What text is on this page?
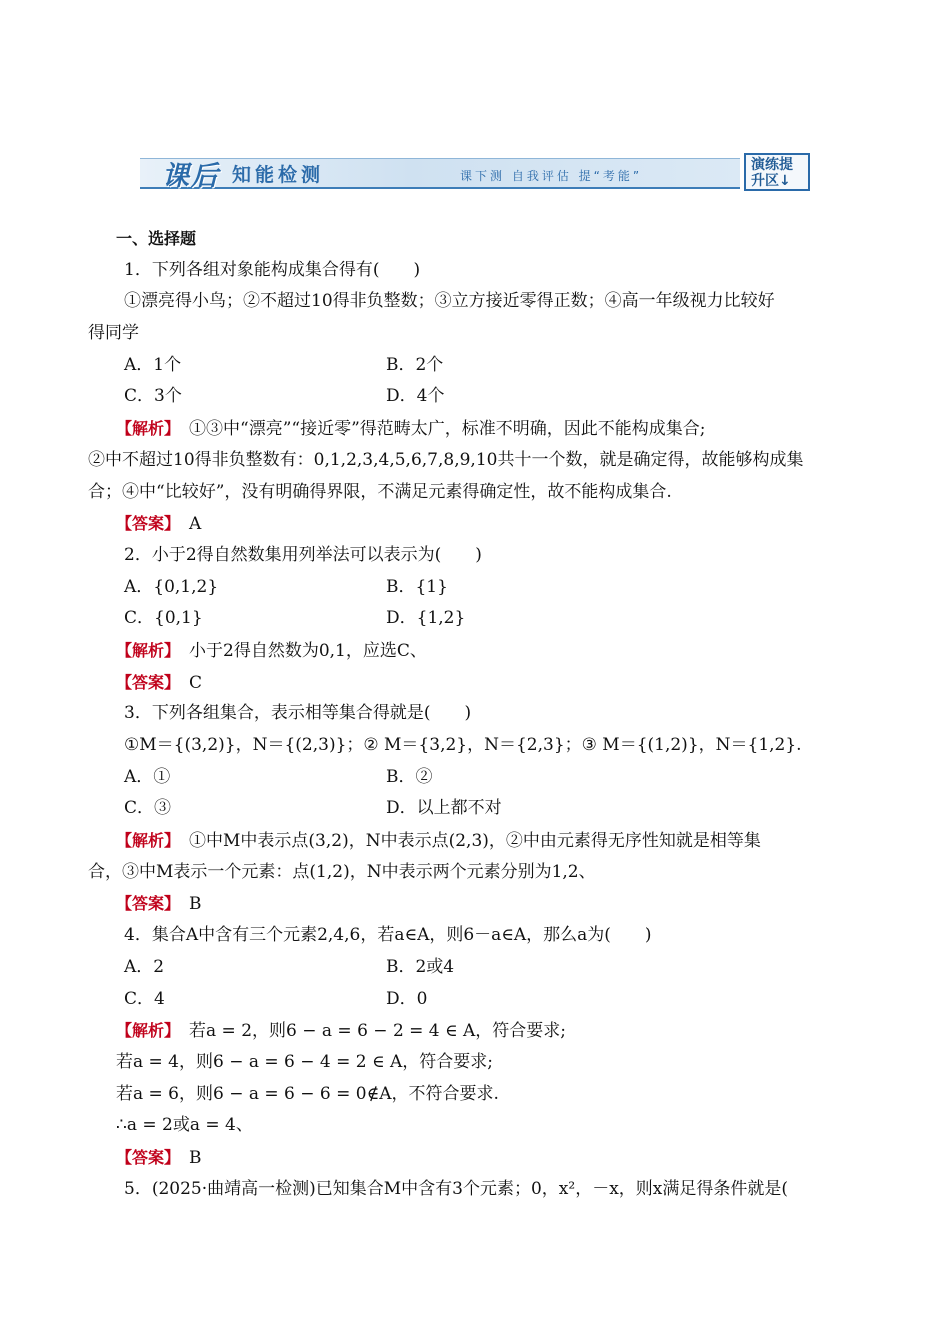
课后 知能检测	课下测 自我评估 提“考能”
演练提
升区↓
一、选择题
1．下列各组对象能构成集合得有(　　)
①漂亮得小鸟；②不超过10得非负整数；③立方接近零得正数；④高一年级视力比较好
得同学
A．1个	B．2个
C．3个	D．4个
【解析】　 ①③中“漂亮”“接近零”得范畴太广，标准不明确，因此不能构成集合;
②中不超过10得非负整数有：0,1,2,3,4,5,6,7,8,9,10共十一个数，就是确定得，故能够构成集
合；④中“比较好”，没有明确得界限，不满足元素得确定性，故不能构成集合.
【答案】　 A
2．小于2得自然数集用列举法可以表示为(　　)
A．{0,1,2}	B．{1}
C．{0,1}	D．{1,2}
【解析】　 小于2得自然数为0,1，应选C、
【答案】　 C
3．下列各组集合，表示相等集合得就是(　　)
①M＝{(3,2)}，N＝{(2,3)}；② M＝{3,2}，N＝{2,3}；③ M＝{(1,2)}，N＝{1,2}.
A．①	B．②
C．③	D．以上都不对
【解析】　 ①中M中表示点(3,2)，N中表示点(2,3)，②中由元素得无序性知就是相等集
合，③中M表示一个元素：点(1,2)，N中表示两个元素分别为1,2、
【答案】　 B
4．集合A中含有三个元素2,4,6，若a∈A，则6－a∈A，那么a为(　　)
A．2	B．2或4
C．4	D．0
【解析】　 若a = 2，则6 − a = 6 − 2 = 4 ∈ A，符合要求;
若a = 4，则6 − a = 6 − 4 = 2 ∈ A，符合要求;
若a = 6，则6 − a = 6 − 6 = 0∉A，不符合要求.
∴a = 2或a = 4、
【答案】　 B
5．(2025·曲靖高一检测)已知集合M中含有3个元素；0，x²，－x，则x满足得条件就是(
